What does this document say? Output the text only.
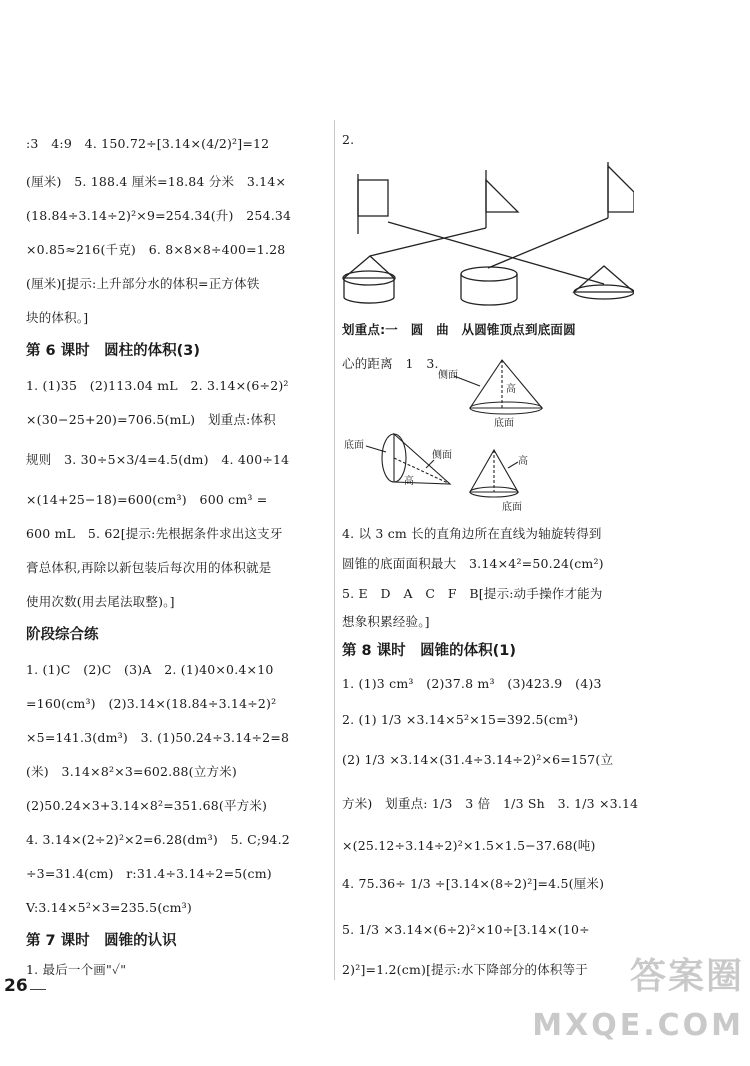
:3　4:9　4. 150.72÷[3.14×(4/2)²]=12
(厘米)　5. 188.4 厘米=18.84 分米　3.14×
(18.84÷3.14÷2)²×9=254.34(升)　254.34
×0.85≈216(千克)　6. 8×8×8÷400=1.28
(厘米)[提示:上升部分水的体积=正方体铁
块的体积。]
第 6 课时　圆柱的体积(3)
1. (1)35　(2)113.04 mL　2. 3.14×(6÷2)²
×(30−25+20)=706.5(mL)　划重点:体积
规则　3. 30÷5×3/4=4.5(dm)　4. 400÷14
×(14+25−18)=600(cm³)　600 cm³ =
600 mL　5. 62[提示:先根据条件求出这支牙
膏总体积,再除以新包装后每次用的体积就是
使用次数(用去尾法取整)。]
阶段综合练
1. (1)C　(2)C　(3)A　2. (1)40×0.4×10
=160(cm³)　(2)3.14×(18.84÷3.14÷2)²
×5=141.3(dm³)　3. (1)50.24÷3.14÷2=8
(米)　3.14×8²×3=602.88(立方米)
(2)50.24×3+3.14×8²=351.68(平方米)
4. 3.14×(2÷2)²×2=6.28(dm³)　5. C;94.2
÷3=31.4(cm)　r:31.4÷3.14÷2=5(cm)
V:3.14×5²×3=235.5(cm³)
第 7 课时　圆锥的认识
1. 最后一个画"✓"
2.
划重点:一　圆　曲　从圆锥顶点到底面圆
心的距离　1　3.
侧面
高
底面
底面
侧面
高
高
底面
4. 以 3 cm 长的直角边所在直线为轴旋转得到
圆锥的底面面积最大　3.14×4²=50.24(cm²)
5. E　D　A　C　F　B[提示:动手操作才能为
想象积累经验。]
第 8 课时　圆锥的体积(1)
1. (1)3 cm³　(2)37.8 m³　(3)423.9　(4)3
2. (1) 1/3 ×3.14×5²×15=392.5(cm³)
(2) 1/3 ×3.14×(31.4÷3.14÷2)²×6=157(立
方米)　划重点: 1/3　3 倍　1/3 Sh　3. 1/3 ×3.14
×(25.12÷3.14÷2)²×1.5×1.5−37.68(吨)
4. 75.36÷ 1/3 ÷[3.14×(8÷2)²]=4.5(厘米)
5. 1/3 ×3.14×(6÷2)²×10÷[3.14×(10÷
2)²]=1.2(cm)[提示:水下降部分的体积等于
26	答案圈
MXQE.COM
